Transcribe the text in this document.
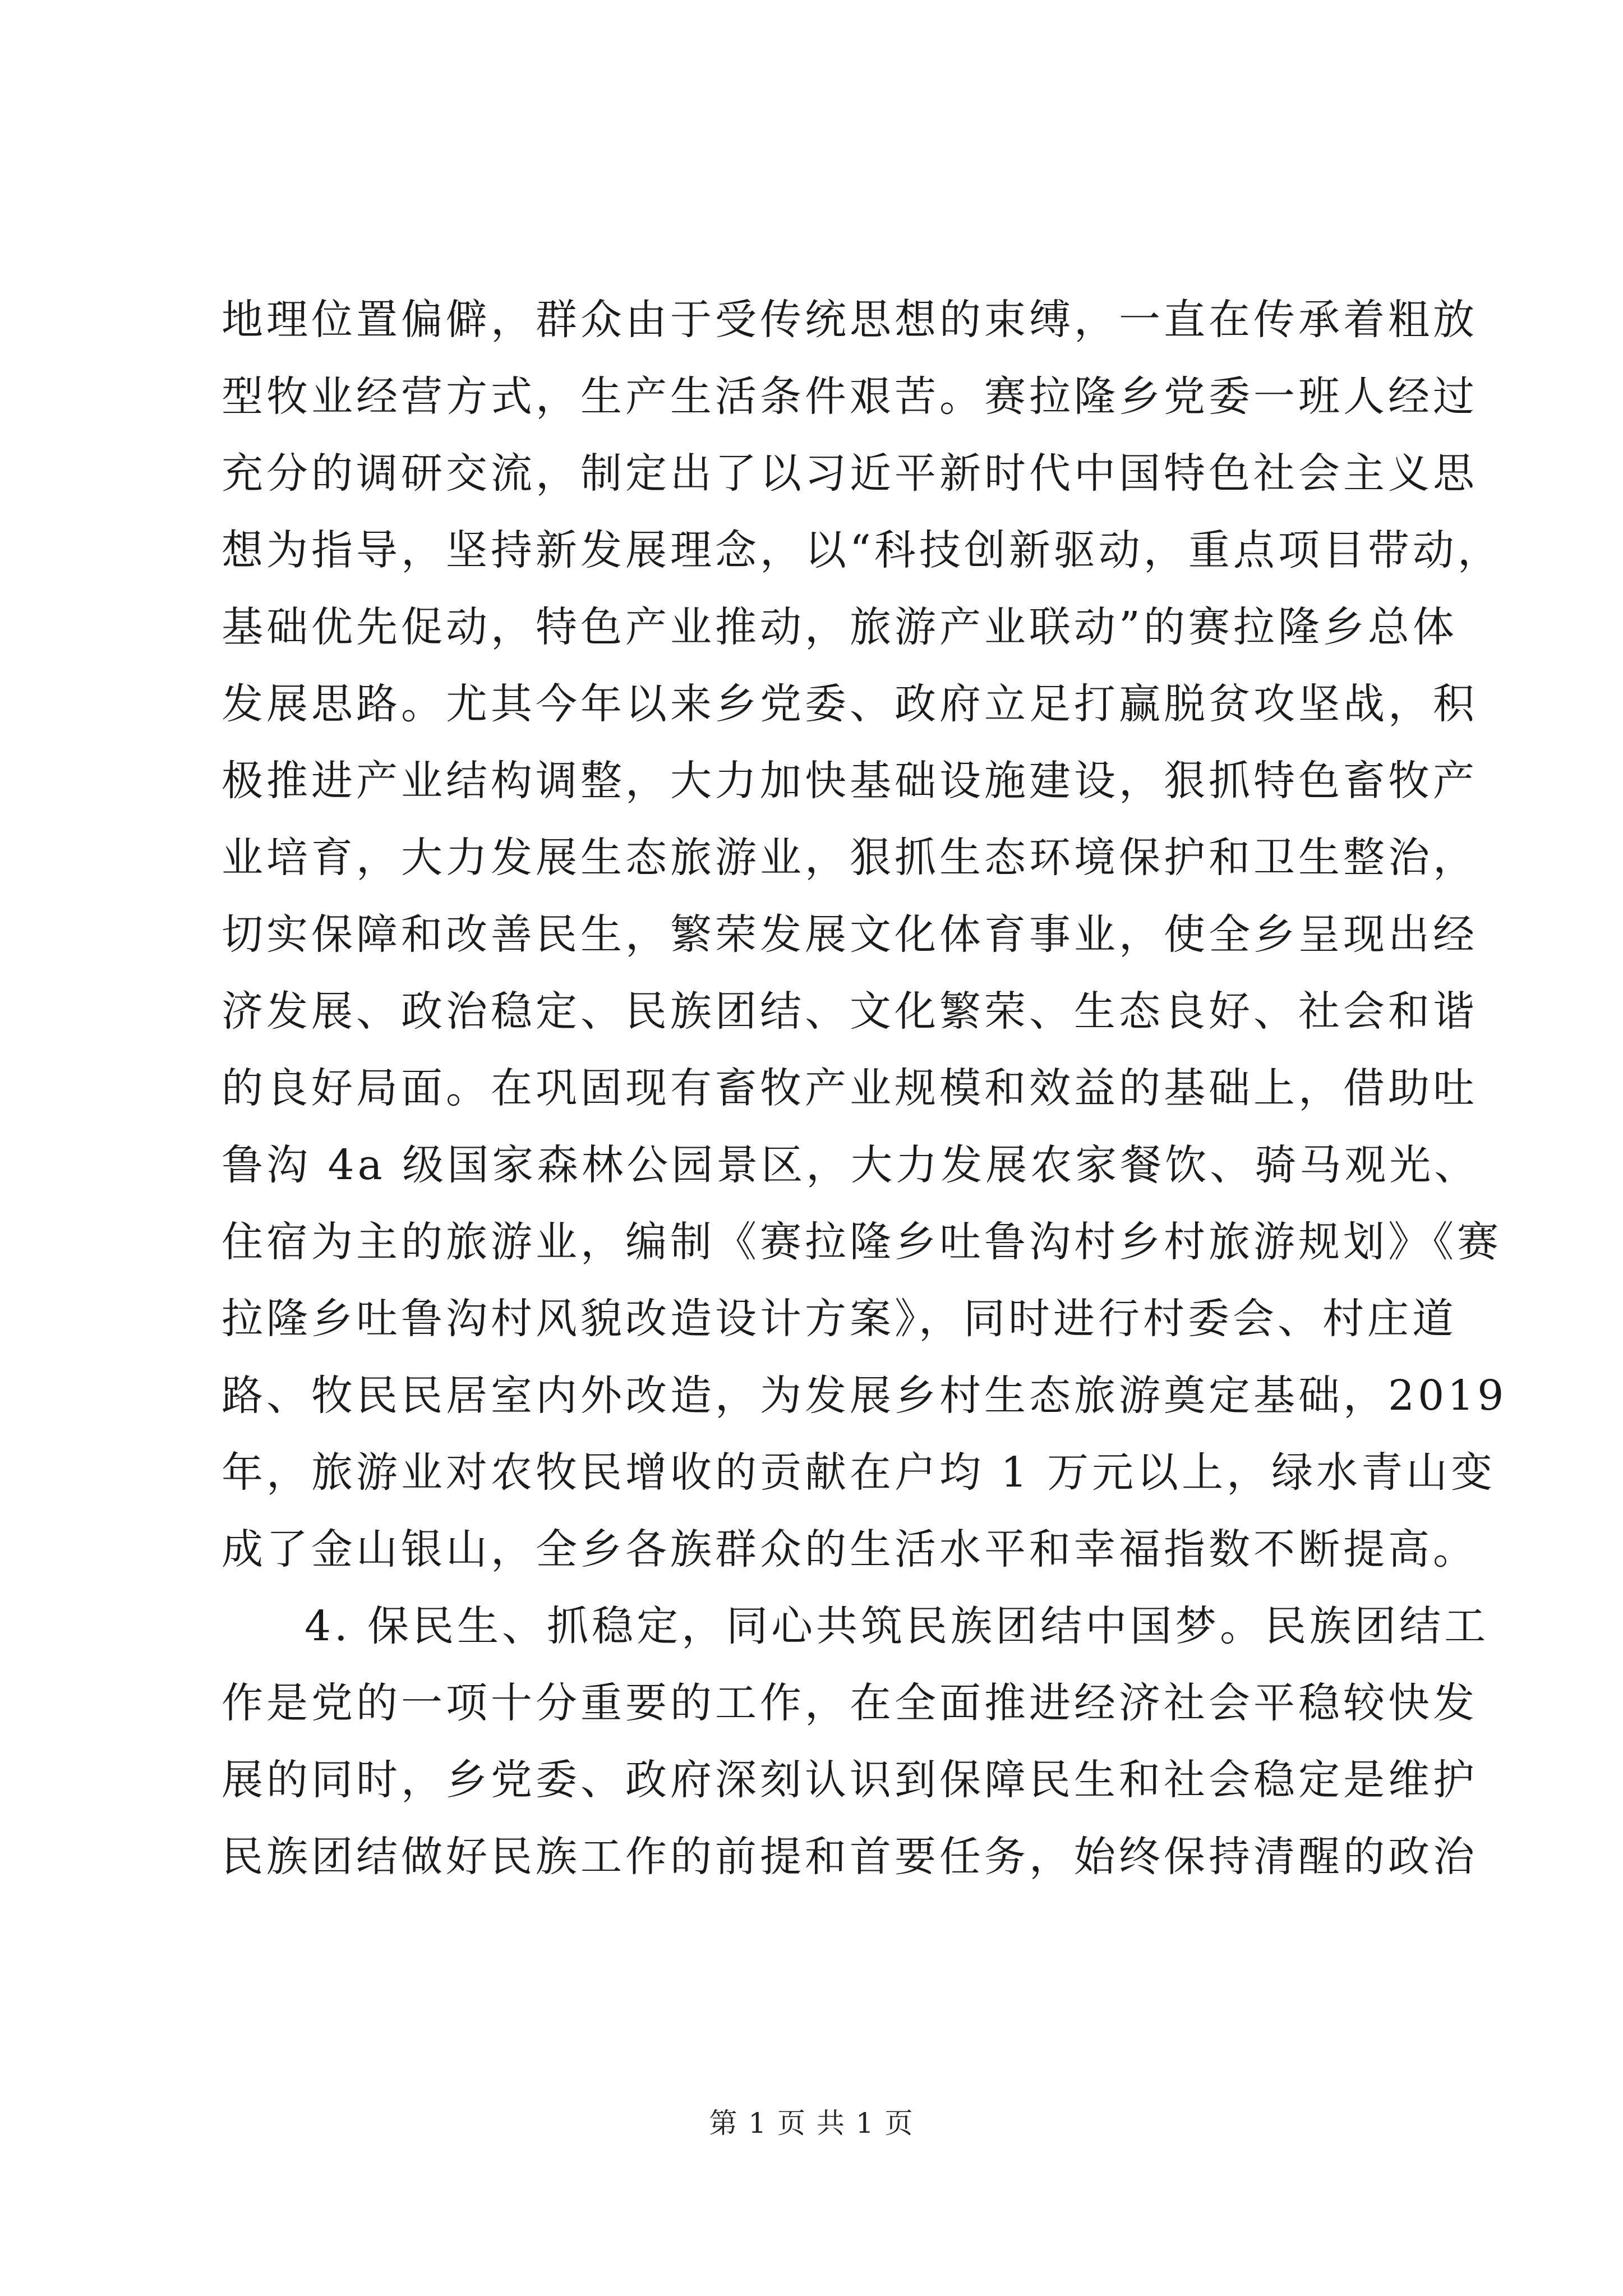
地理位置偏僻，群众由于受传统思想的束缚，一直在传承着粗放
型牧业经营方式，生产生活条件艰苦。赛拉隆乡党委一班人经过
充分的调研交流，制定出了以习近平新时代中国特色社会主义思
想为指导，坚持新发展理念，以“科技创新驱动，重点项目带动，
基础优先促动，特色产业推动，旅游产业联动”的赛拉隆乡总体
发展思路。尤其今年以来乡党委、政府立足打赢脱贫攻坚战，积
极推进产业结构调整，大力加快基础设施建设，狠抓特色畜牧产
业培育，大力发展生态旅游业，狠抓生态环境保护和卫生整治，
切实保障和改善民生，繁荣发展文化体育事业，使全乡呈现出经
济发展、政治稳定、民族团结、文化繁荣、生态良好、社会和谐
的良好局面。在巩固现有畜牧产业规模和效益的基础上，借助吐
鲁沟 4a 级国家森林公园景区，大力发展农家餐饮、骑马观光、
住宿为主的旅游业，编制《赛拉隆乡吐鲁沟村乡村旅游规划》《赛
拉隆乡吐鲁沟村风貌改造设计方案》，同时进行村委会、村庄道
路、牧民民居室内外改造，为发展乡村生态旅游奠定基础，2019
年，旅游业对农牧民增收的贡献在户均 1 万元以上，绿水青山变
成了金山银山，全乡各族群众的生活水平和幸福指数不断提高。
4. 保民生、抓稳定，同心共筑民族团结中国梦。民族团结工
作是党的一项十分重要的工作，在全面推进经济社会平稳较快发
展的同时，乡党委、政府深刻认识到保障民生和社会稳定是维护
民族团结做好民族工作的前提和首要任务，始终保持清醒的政治
第 1 页 共 1 页
